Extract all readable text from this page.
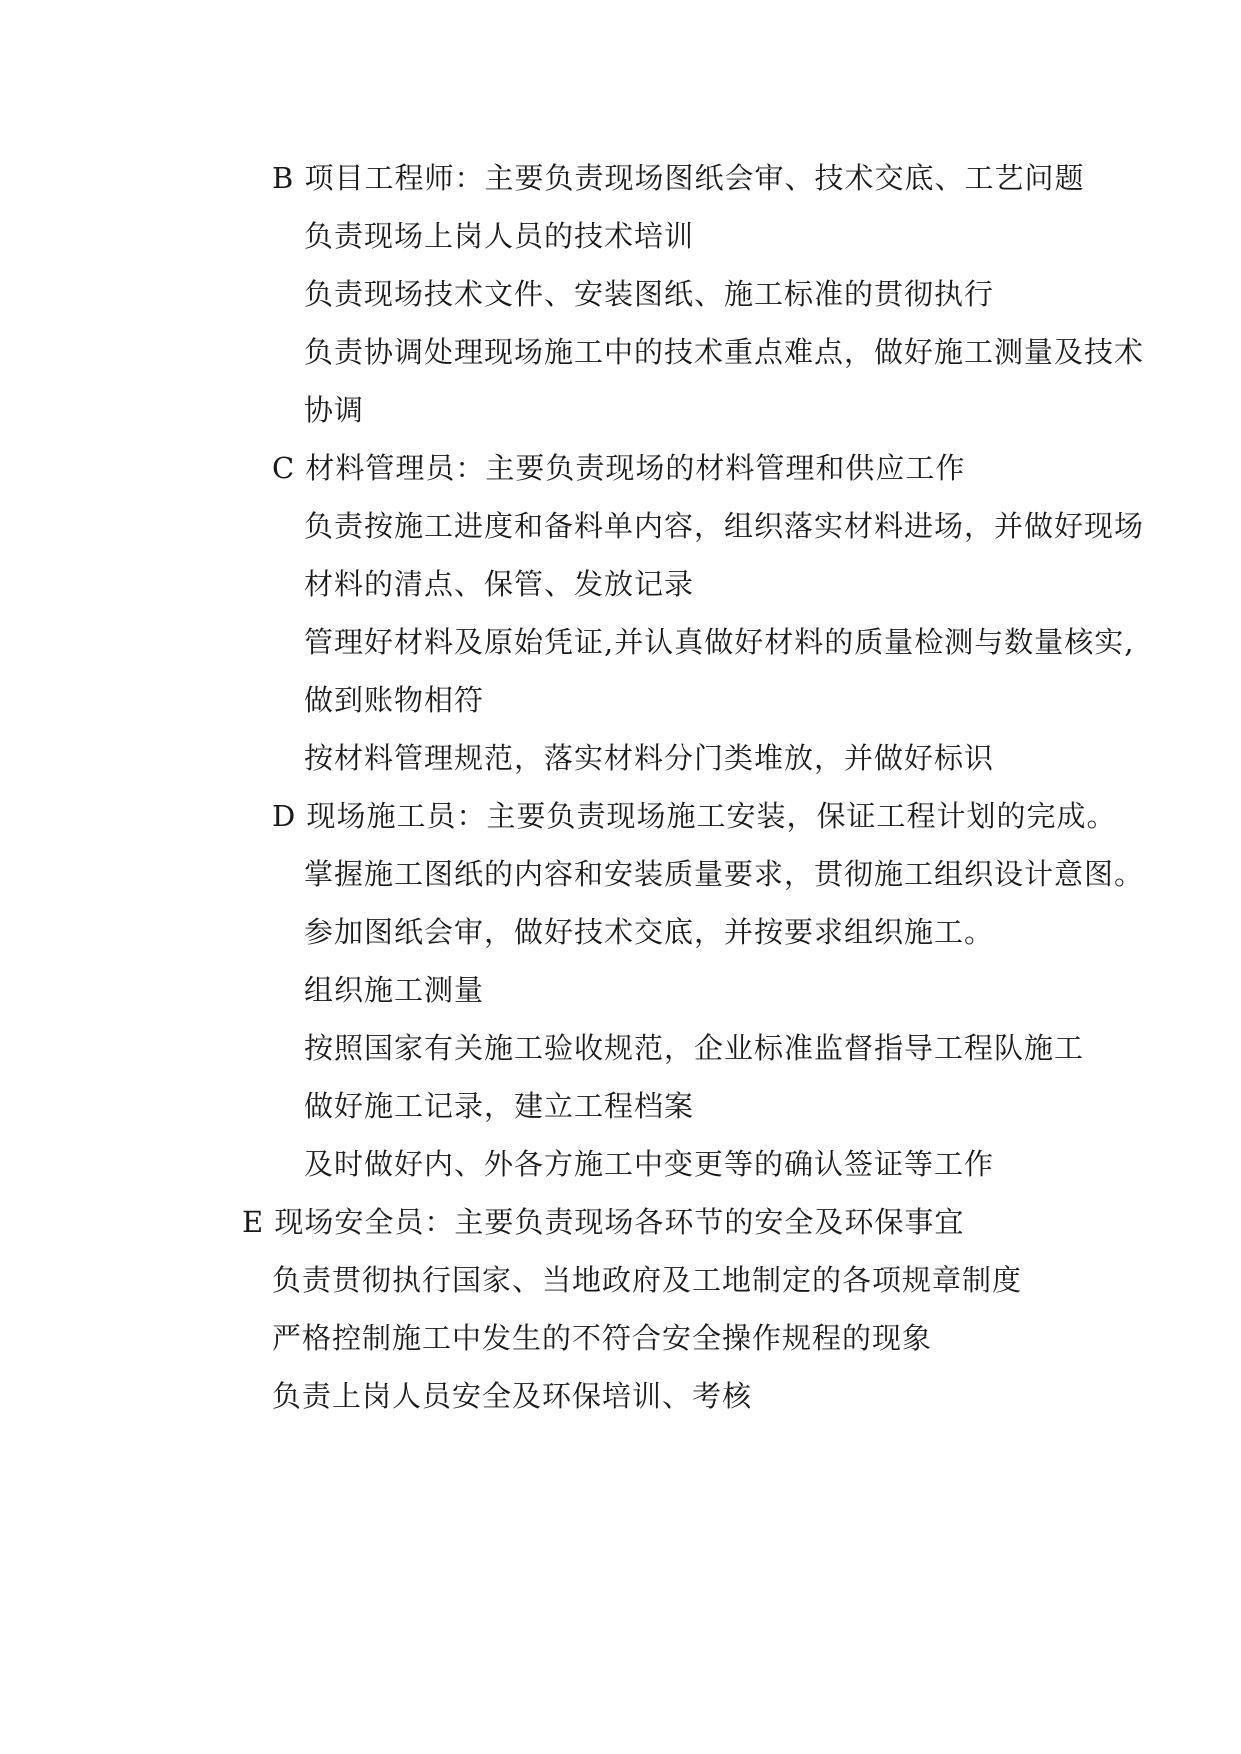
B 项目工程师：主要负责现场图纸会审、技术交底、工艺问题
负责现场上岗人员的技术培训
负责现场技术文件、安装图纸、施工标准的贯彻执行
负责协调处理现场施工中的技术重点难点，做好施工测量及技术
协调
C 材料管理员：主要负责现场的材料管理和供应工作
负责按施工进度和备料单内容，组织落实材料进场，并做好现场
材料的清点、保管、发放记录
管理好材料及原始凭证,并认真做好材料的质量检测与数量核实,
做到账物相符
按材料管理规范，落实材料分门类堆放，并做好标识
D 现场施工员：主要负责现场施工安装，保证工程计划的完成。
掌握施工图纸的内容和安装质量要求，贯彻施工组织设计意图。
参加图纸会审，做好技术交底，并按要求组织施工。
组织施工测量
按照国家有关施工验收规范，企业标准监督指导工程队施工
做好施工记录，建立工程档案
及时做好内、外各方施工中变更等的确认签证等工作
E 现场安全员：主要负责现场各环节的安全及环保事宜
负责贯彻执行国家、当地政府及工地制定的各项规章制度
严格控制施工中发生的不符合安全操作规程的现象
负责上岗人员安全及环保培训、考核
